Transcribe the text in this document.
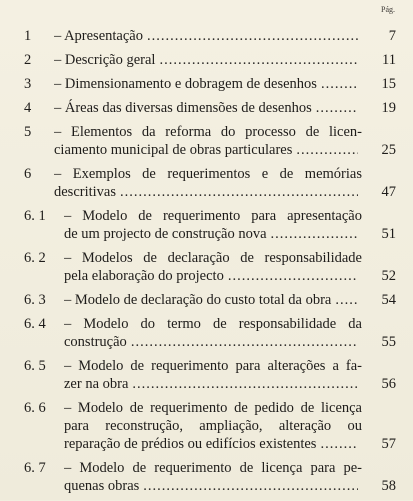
Pág.
1 – Apresentação .....	7
2 – Descrição geral .....	11
3 – Dimensionamento e dobragem de desenhos .....	15
4 – Áreas das diversas dimensões de desenhos .....	19
5 – Elementos da reforma do processo de licen-
ciamento municipal de obras particulares .....	25
6 – Exemplos de requerimentos e de memórias
descritivas .....	47
6. 1 – Modelo de requerimento para apresentação
de um projecto de construção nova .....	51
6. 2 – Modelos de declaração de responsabilidade
pela elaboração do projecto .....	52
6. 3 – Modelo de declaração do custo total da obra .....	54
6. 4 – Modelo do termo de responsabilidade da
construção .....	55
6. 5 – Modelo de requerimento para alterações a fa-
zer na obra .....	56
6. 6 – Modelo de requerimento de pedido de licença
para reconstrução, ampliação, alteração ou
reparação de prédios ou edifícios existentes .....	57
6. 7 – Modelo de requerimento de licença para pe-
quenas obras .....	58
